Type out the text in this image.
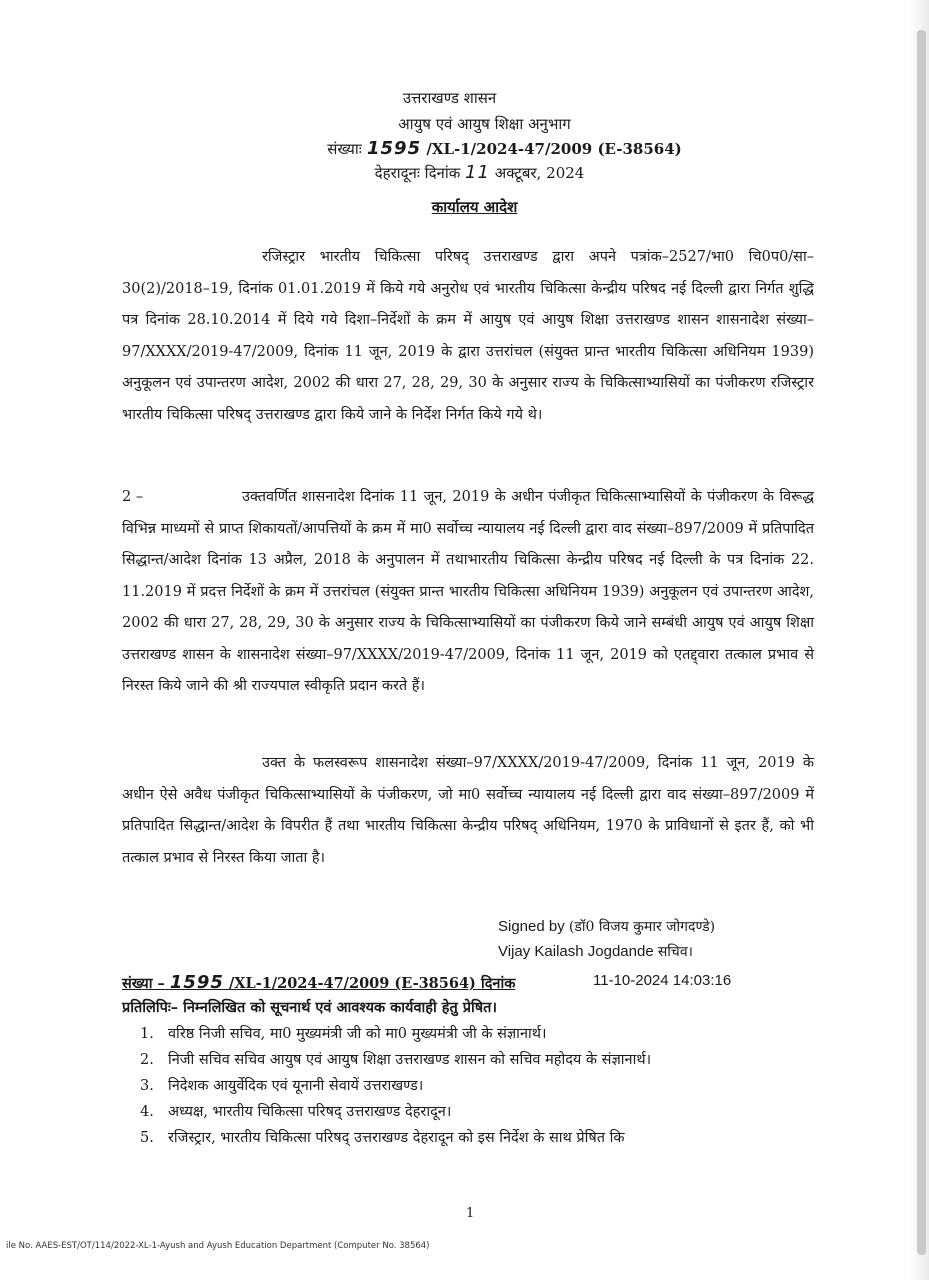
उत्तराखण्ड शासन
आयुष एवं आयुष शिक्षा अनुभाग
संख्याः 1595 /XL-1/2024-47/2009 (E-38564)
देहरादूनः दिनांक 11 अक्टूबर, 2024
कार्यालय आदेश

रजिस्ट्रार भारतीय चिकित्सा परिषद् उत्तराखण्ड द्वारा अपने पत्रांक–2527/भा0 चि0प0/सा–30(2)/2018–19, दिनांक 01.01.2019 में किये गये अनुरोध एवं भारतीय चिकित्सा केन्द्रीय परिषद नई दिल्ली द्वारा निर्गत शुद्धि पत्र दिनांक 28.10.2014 में दिये गये दिशा–निर्देशों के क्रम में आयुष एवं आयुष शिक्षा उत्तराखण्ड शासन शासनादेश संख्या–97/XXXX/2019-47/2009, दिनांक 11 जून, 2019 के द्वारा उत्तरांचल (संयुक्त प्रान्त भारतीय चिकित्सा अधिनियम 1939) अनुकूलन एवं उपान्तरण आदेश, 2002 की धारा 27, 28, 29, 30 के अनुसार राज्य के चिकित्साभ्यासियों का पंजीकरण रजिस्ट्रार भारतीय चिकित्सा परिषद् उत्तराखण्ड द्वारा किये जाने के निर्देश निर्गत किये गये थे।

2 –	उक्तवर्णित शासनादेश दिनांक 11 जून, 2019 के अधीन पंजीकृत चिकित्साभ्यासियों के पंजीकरण के विरूद्ध विभिन्न माध्यमों से प्राप्त शिकायतों/आपत्तियों के क्रम में मा0 सर्वोच्च न्यायालय नई दिल्ली द्वारा वाद संख्या–897/2009 में प्रतिपादित सिद्धान्त/आदेश दिनांक 13 अप्रैल, 2018 के अनुपालन में तथाभारतीय चिकित्सा केन्द्रीय परिषद नई दिल्ली के पत्र दिनांक 22. 11.2019 में प्रदत्त निर्देशों के क्रम में उत्तरांचल (संयुक्त प्रान्त भारतीय चिकित्सा अधिनियम 1939) अनुकूलन एवं उपान्तरण आदेश, 2002 की धारा 27, 28, 29, 30 के अनुसार राज्य के चिकित्साभ्यासियों का पंजीकरण किये जाने सम्बंधी आयुष एवं आयुष शिक्षा उत्तराखण्ड शासन के शासनादेश संख्या–97/XXXX/2019-47/2009, दिनांक 11 जून, 2019 को एतद्द्वारा तत्काल प्रभाव से निरस्त किये जाने की श्री राज्यपाल स्वीकृति प्रदान करते हैं।

उक्त के फलस्वरूप शासनादेश संख्या–97/XXXX/2019-47/2009, दिनांक 11 जून, 2019 के अधीन ऐसे अवैध पंजीकृत चिकित्साभ्यासियों के पंजीकरण, जो मा0 सर्वोच्च न्यायालय नई दिल्ली द्वारा वाद संख्या–897/2009 में प्रतिपादित सिद्धान्त/आदेश के विपरीत हैं तथा भारतीय चिकित्सा केन्द्रीय परिषद् अधिनियम, 1970 के प्राविधानों से इतर हैं, को भी तत्काल प्रभाव से निरस्त किया जाता है।

Signed by (डॉ0 विजय कुमार जोगदण्डे)
Vijay Kailash Jogdande सचिव।
संख्या – 1595 /XL-1/2024-47/2009 (E-38564) दिनांक	11-10-2024 14:03:16
प्रतिलिपिः– निम्नलिखित को सूचनार्थ एवं आवश्यक कार्यवाही हेतु प्रेषित।
1. वरिष्ठ निजी सचिव, मा0 मुख्यमंत्री जी को मा0 मुख्यमंत्री जी के संज्ञानार्थ।
2. निजी सचिव सचिव आयुष एवं आयुष शिक्षा उत्तराखण्ड शासन को सचिव महोदय के संज्ञानार्थ।
3. निदेशक आयुर्वेदिक एवं यूनानी सेवायें उत्तराखण्ड।
4. अध्यक्ष, भारतीय चिकित्सा परिषद् उत्तराखण्ड देहरादून।
5. रजिस्ट्रार, भारतीय चिकित्सा परिषद् उत्तराखण्ड देहरादून को इस निर्देश के साथ प्रेषित कि
1
ile No. AAES-EST/OT/114/2022-XL-1-Ayush and Ayush Education Department (Computer No. 38564)
